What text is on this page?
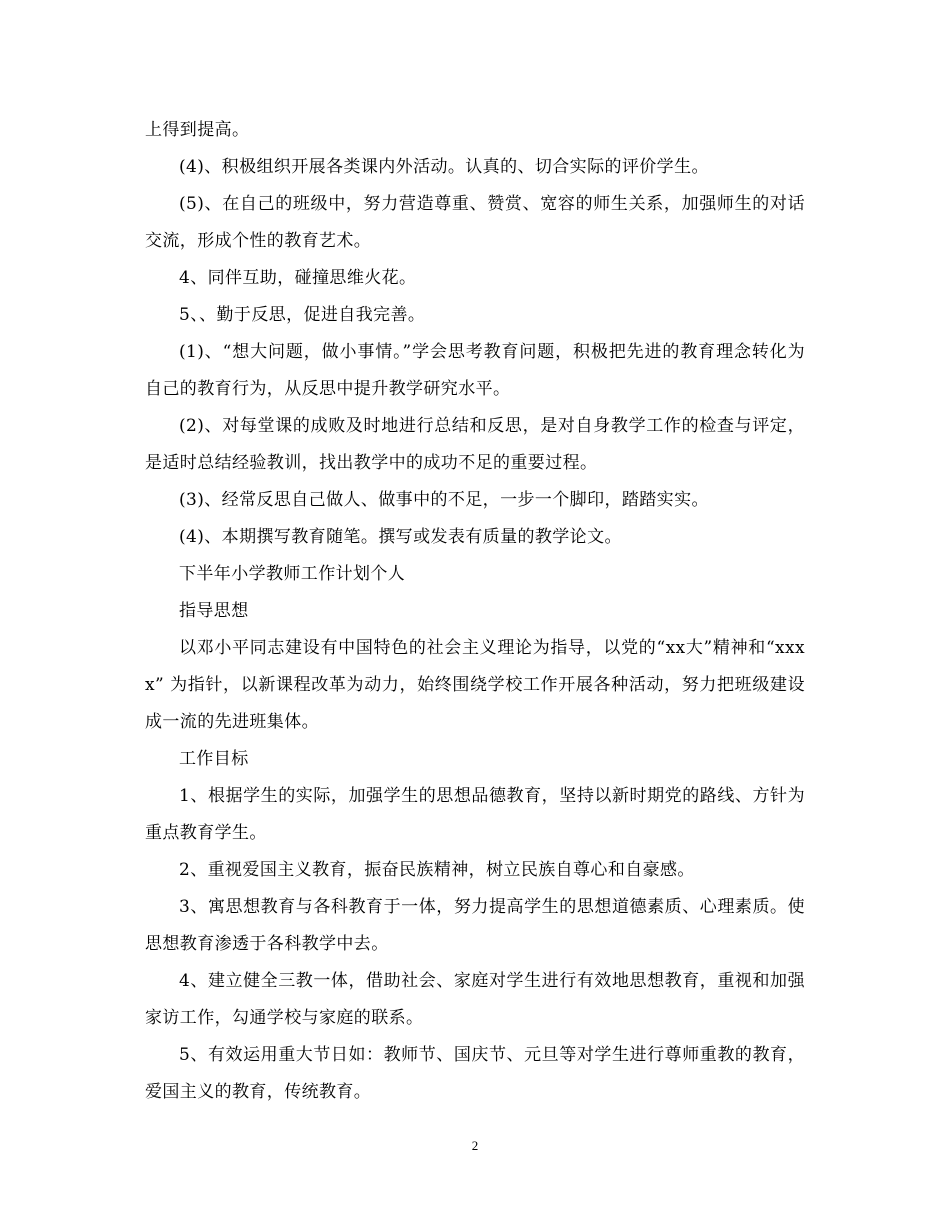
上得到提高。

(4)、积极组织开展各类课内外活动。认真的、切合实际的评价学生。

(5)、在自己的班级中，努力营造尊重、赞赏、宽容的师生关系，加强师生的对话交流，形成个性的教育艺术。

4、同伴互助，碰撞思维火花。

5、、勤于反思，促进自我完善。

(1)、“想大问题，做小事情。”学会思考教育问题，积极把先进的教育理念转化为自己的教育行为，从反思中提升教学研究水平。

(2)、对每堂课的成败及时地进行总结和反思，是对自身教学工作的检查与评定，是适时总结经验教训，找出教学中的成功不足的重要过程。

(3)、经常反思自己做人、做事中的不足，一步一个脚印，踏踏实实。

(4)、本期撰写教育随笔。撰写或发表有质量的教学论文。

下半年小学教师工作计划个人

指导思想

以邓小平同志建设有中国特色的社会主义理论为指导，以党的“xx大”精神和“xxxx” 为指针，以新课程改革为动力，始终围绕学校工作开展各种活动，努力把班级建设成一流的先进班集体。

工作目标

1、根据学生的实际，加强学生的思想品德教育，坚持以新时期党的路线、方针为重点教育学生。

2、重视爱国主义教育，振奋民族精神，树立民族自尊心和自豪感。

3、寓思想教育与各科教育于一体，努力提高学生的思想道德素质、心理素质。使思想教育渗透于各科教学中去。

4、建立健全三教一体，借助社会、家庭对学生进行有效地思想教育，重视和加强家访工作，勾通学校与家庭的联系。

5、有效运用重大节日如：教师节、国庆节、元旦等对学生进行尊师重教的教育，爱国主义的教育，传统教育。

2
